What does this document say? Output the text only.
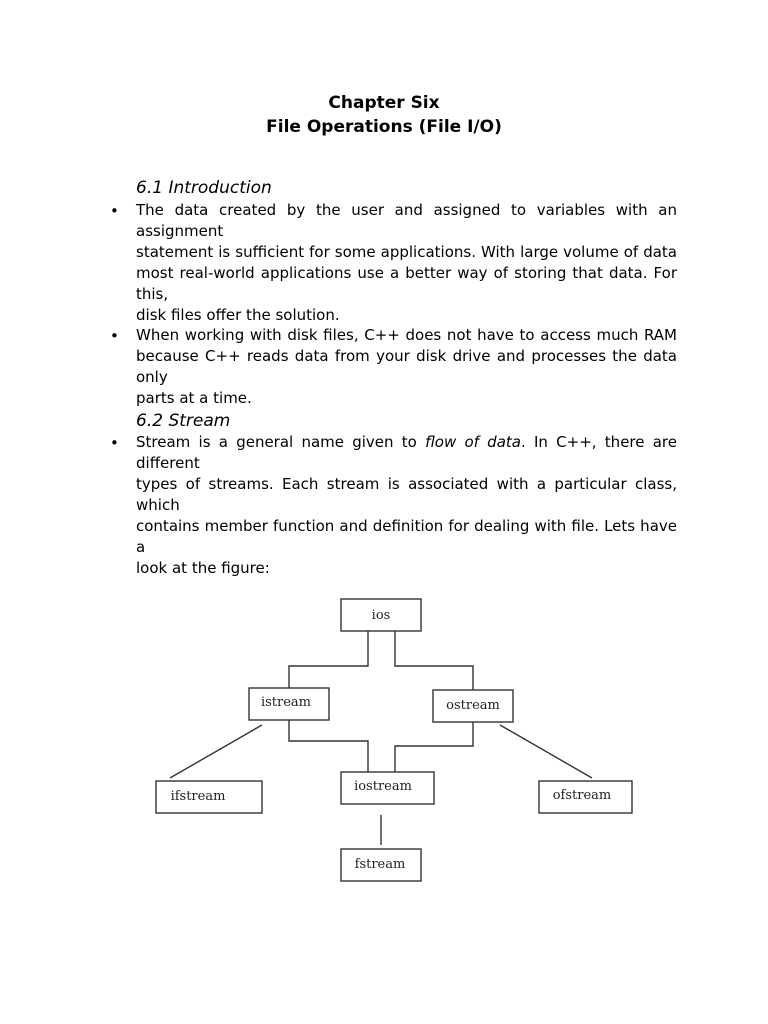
Chapter Six
File Operations (File I/O)
6.1 Introduction
• The data created by the user and assigned to variables with an
assignment
statement is sufficient for some applications. With large volume of data
most real-world applications use a better way of storing that data. For
this,
disk files offer the solution.
• When working with disk files, C++ does not have to access much RAM
because C++ reads data from your disk drive and processes the data
only
parts at a time.
6.2 Stream
• Stream is a general name given to flow of data. In C++, there are
different
types of streams. Each stream is associated with a particular class,
which
contains member function and definition for dealing with file. Lets have
a
look at the figure:
ios
istream	ostream
ifstream
iostream
ofstream
fstream
